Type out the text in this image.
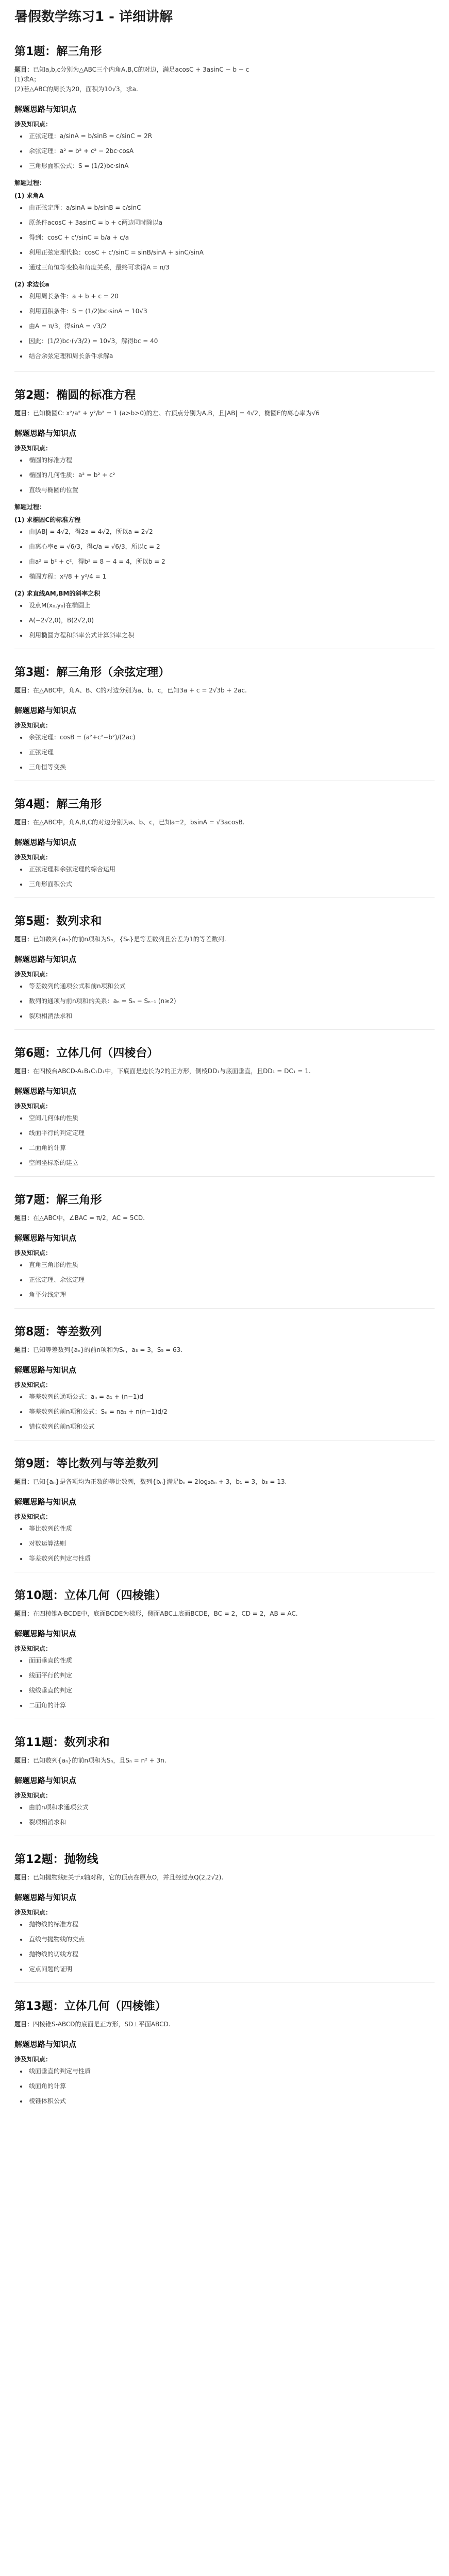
暑假数学练习1 - 详细讲解
第1题：解三角形
题目：已知a,b,c分别为△ABC三个内角A,B,C的对边，满足acosC + 3asinC − b − c
(1)求A；
(2)若△ABC的周长为20，面积为10√3，求a.
解题思路与知识点
涉及知识点：
正弦定理：a/sinA = b/sinB = c/sinC = 2R
余弦定理：a² = b² + c² − 2bc·cosA
三角形面积公式：S = (1/2)bc·sinA
解题过程：
(1) 求角A
由正弦定理：a/sinA = b/sinB = c/sinC
原条件acosC + 3asinC = b + c两边同时除以a
得到：cosC + c'/sinC = b/a + c/a
利用正弦定理代换：cosC + c'/sinC = sinB/sinA + sinC/sinA
通过三角恒等变换和角度关系，最终可求得A = π/3
(2) 求边长a
利用周长条件：a + b + c = 20
利用面积条件：S = (1/2)bc·sinA = 10√3
由A = π/3，得sinA = √3/2
因此：(1/2)bc·(√3/2) = 10√3，解得bc = 40
结合余弦定理和周长条件求解a
第2题：椭圆的标准方程
题目：已知椭圆C: x²/a² + y²/b² = 1 (a>b>0)的左、右顶点分别为A,B，且|AB| = 4√2，椭圆E的离心率为√6
解题思路与知识点
涉及知识点：
椭圆的标准方程
椭圆的几何性质：a² = b² + c²
直线与椭圆的位置
解题过程：
(1) 求椭圆C的标准方程
由|AB| = 4√2，得2a = 4√2，所以a = 2√2
由离心率e = √6/3，得c/a = √6/3，所以c = 2
由a² = b² + c²，得b² = 8 − 4 = 4，所以b = 2
椭圆方程：x²/8 + y²/4 = 1
(2) 求直线AM,BM的斜率之积
设点M(x₀,y₀)在椭圆上
A(−2√2,0)，B(2√2,0)
利用椭圆方程和斜率公式计算斜率之积
第3题：解三角形（余弦定理）
题目：在△ABC中，角A、B、C的对边分别为a、b、c，已知3a + c = 2√3b + 2ac.
解题思路与知识点
涉及知识点：
余弦定理：cosB = (a²+c²−b²)/(2ac)
正弦定理
三角恒等变换
第4题：解三角形
题目：在△ABC中，角A,B,C的对边分别为a、b、c，已知a=2，bsinA = √3acosB.
解题思路与知识点
涉及知识点：
正弦定理和余弦定理的综合运用
三角形面积公式
第5题：数列求和
题目：已知数列{aₙ}的前n项和为Sₙ，{Sₙ}是等差数列且公差为1的等差数列.
解题思路与知识点
涉及知识点：
等差数列的通项公式和前n项和公式
数列的通项与前n项和的关系：aₙ = Sₙ − Sₙ₋₁ (n≥2)
裂项相消法求和
第6题：立体几何（四棱台）
题目：在四棱台ABCD-A₁B₁C₁D₁中，下底面是边长为2的正方形，侧棱DD₁与底面垂直，且DD₁ = DC₁ = 1.
解题思路与知识点
涉及知识点：
空间几何体的性质
线面平行的判定定理
二面角的计算
空间坐标系的建立
第7题：解三角形
题目：在△ABC中，∠BAC = π/2，AC = 5CD.
解题思路与知识点
涉及知识点：
直角三角形的性质
正弦定理、余弦定理
角平分线定理
第8题：等差数列
题目：已知等差数列{aₙ}的前n项和为Sₙ，a₃ = 3，S₅ = 63.
解题思路与知识点
涉及知识点：
等差数列的通项公式：aₙ = a₁ + (n−1)d
等差数列的前n项和公式：Sₙ = na₁ + n(n−1)d/2
错位数列的前n项和公式
第9题：等比数列与等差数列
题目：已知{aₙ}是各项均为正数的等比数列，数列{bₙ}满足bₙ = 2log₂aₙ + 3，b₁ = 3，b₃ = 13.
解题思路与知识点
涉及知识点：
等比数列的性质
对数运算法则
等差数列的判定与性质
第10题：立体几何（四棱锥）
题目：在四棱锥A-BCDE中，底面BCDE为梯形，侧面ABC⊥底面BCDE，BC = 2，CD = 2，AB = AC.
解题思路与知识点
涉及知识点：
面面垂直的性质
线面平行的判定
线线垂直的判定
二面角的计算
第11题：数列求和
题目：已知数列{aₙ}的前n项和为Sₙ，且Sₙ = n² + 3n.
解题思路与知识点
涉及知识点：
由前n项和求通项公式
裂项相消求和
第12题：抛物线
题目：已知抛物线E关于x轴对称，它的顶点在原点O，并且经过点Q(2,2√2).
解题思路与知识点
涉及知识点：
抛物线的标准方程
直线与抛物线的交点
抛物线的切线方程
定点问题的证明
第13题：立体几何（四棱锥）
题目：四棱锥S-ABCD的底面是正方形，SD⊥平面ABCD.
解题思路与知识点
涉及知识点：
线面垂直的判定与性质
线面角的计算
棱锥体积公式
